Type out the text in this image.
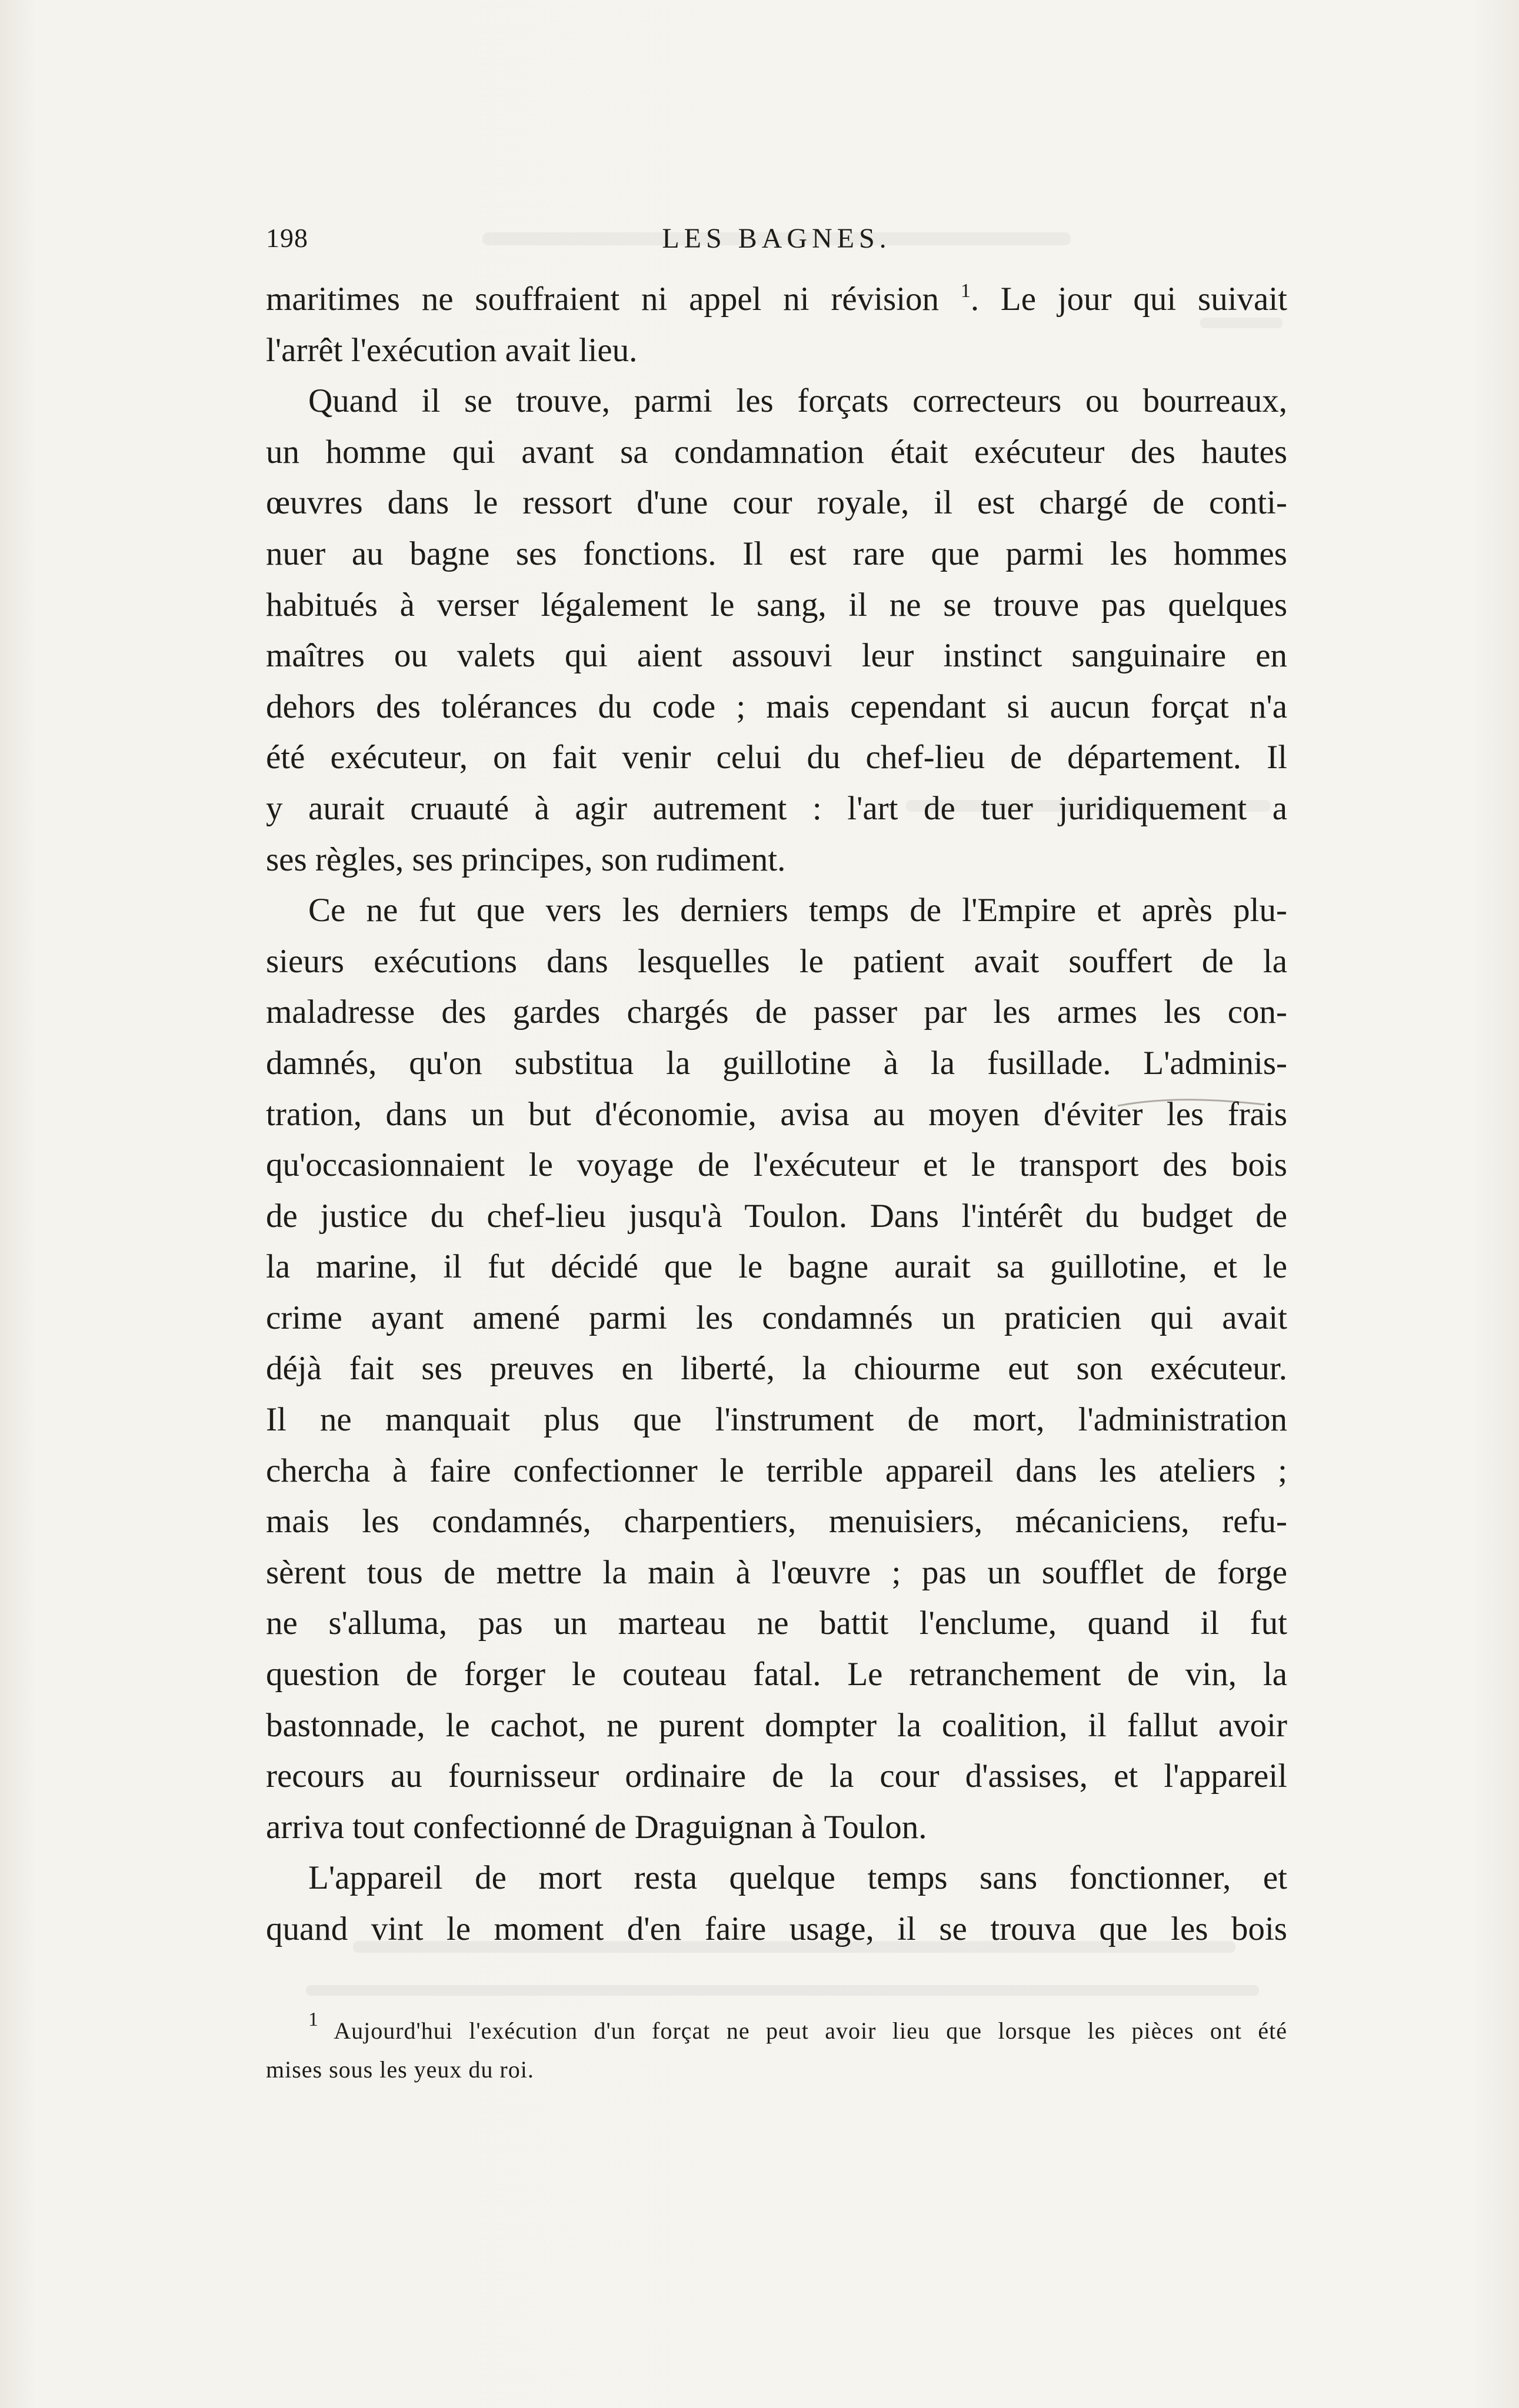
198	LES BAGNES.
maritimes ne souffraient ni appel ni révision $^1$. Le jour qui suivait
l'arrêt l'exécution avait lieu.
Quand il se trouve, parmi les forçats correcteurs ou bourreaux,
un homme qui avant sa condamnation était exécuteur des hautes
œuvres dans le ressort d'une cour royale, il est chargé de conti-
nuer au bagne ses fonctions. Il est rare que parmi les hommes
habitués à verser légalement le sang, il ne se trouve pas quelques
maîtres ou valets qui aient assouvi leur instinct sanguinaire en
dehors des tolérances du code ; mais cependant si aucun forçat n'a
été exécuteur, on fait venir celui du chef-lieu de département. Il
y aurait cruauté à agir autrement : l'art de tuer juridiquement a
ses règles, ses principes, son rudiment.
Ce ne fut que vers les derniers temps de l'Empire et après plu-
sieurs exécutions dans lesquelles le patient avait souffert de la
maladresse des gardes chargés de passer par les armes les con-
damnés, qu'on substitua la guillotine à la fusillade. L'adminis-
tration, dans un but d'économie, avisa au moyen d'éviter les frais
qu'occasionnaient le voyage de l'exécuteur et le transport des bois
de justice du chef-lieu jusqu'à Toulon. Dans l'intérêt du budget de
la marine, il fut décidé que le bagne aurait sa guillotine, et le
crime ayant amené parmi les condamnés un praticien qui avait
déjà fait ses preuves en liberté, la chiourme eut son exécuteur.
Il ne manquait plus que l'instrument de mort, l'administration
chercha à faire confectionner le terrible appareil dans les ateliers ;
mais les condamnés, charpentiers, menuisiers, mécaniciens, refu-
sèrent tous de mettre la main à l'œuvre ; pas un soufflet de forge
ne s'alluma, pas un marteau ne battit l'enclume, quand il fut
question de forger le couteau fatal. Le retranchement de vin, la
bastonnade, le cachot, ne purent dompter la coalition, il fallut avoir
recours au fournisseur ordinaire de la cour d'assises, et l'appareil
arriva tout confectionné de Draguignan à Toulon.
L'appareil de mort resta quelque temps sans fonctionner, et
quand vint le moment d'en faire usage, il se trouva que les bois
$^1$ Aujourd'hui l'exécution d'un forçat ne peut avoir lieu que lorsque les pièces ont été
mises sous les yeux du roi.
